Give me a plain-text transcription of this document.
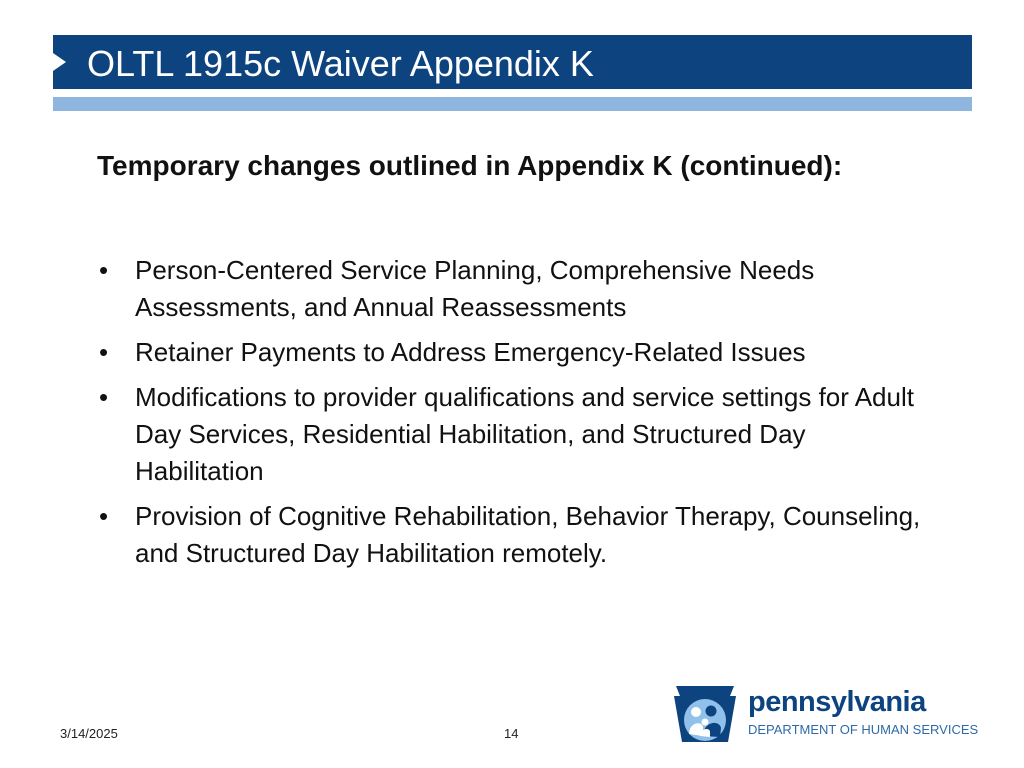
OLTL 1915c Waiver Appendix K
Temporary changes outlined in Appendix K (continued):
• Person-Centered Service Planning, Comprehensive Needs Assessments, and Annual Reassessments
• Retainer Payments to Address Emergency-Related Issues
• Modifications to provider qualifications and service settings for Adult Day Services, Residential Habilitation, and Structured Day Habilitation
• Provision of Cognitive Rehabilitation, Behavior Therapy, Counseling, and Structured Day Habilitation remotely.
3/14/2025	14
pennsylvania
DEPARTMENT OF HUMAN SERVICES
